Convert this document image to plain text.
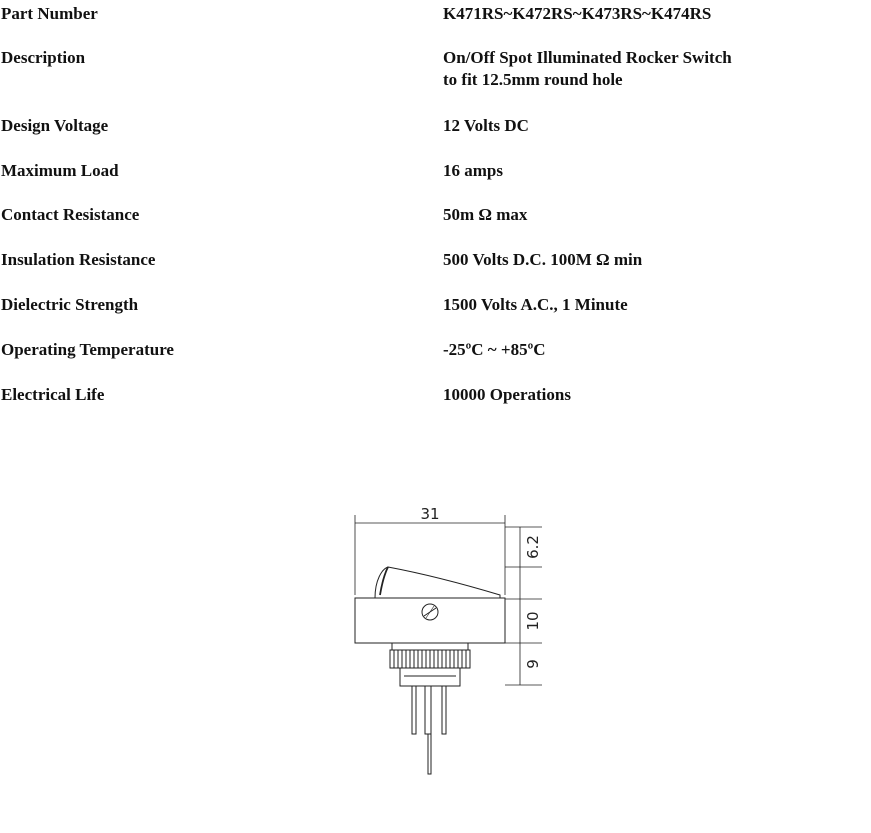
Part Number	K471RS~K472RS~K473RS~K474RS
Description	On/Off Spot Illuminated Rocker Switch
to fit 12.5mm round hole
Design Voltage	12 Volts DC
Maximum Load	16 amps
Contact Resistance	50m Ω max
Insulation Resistance	500 Volts D.C. 100M Ω min
Dielectric Strength	1500 Volts A.C., 1 Minute
Operating Temperature	-25ºC ~ +85ºC
Electrical Life	10000 Operations
31
6.2
10
9
